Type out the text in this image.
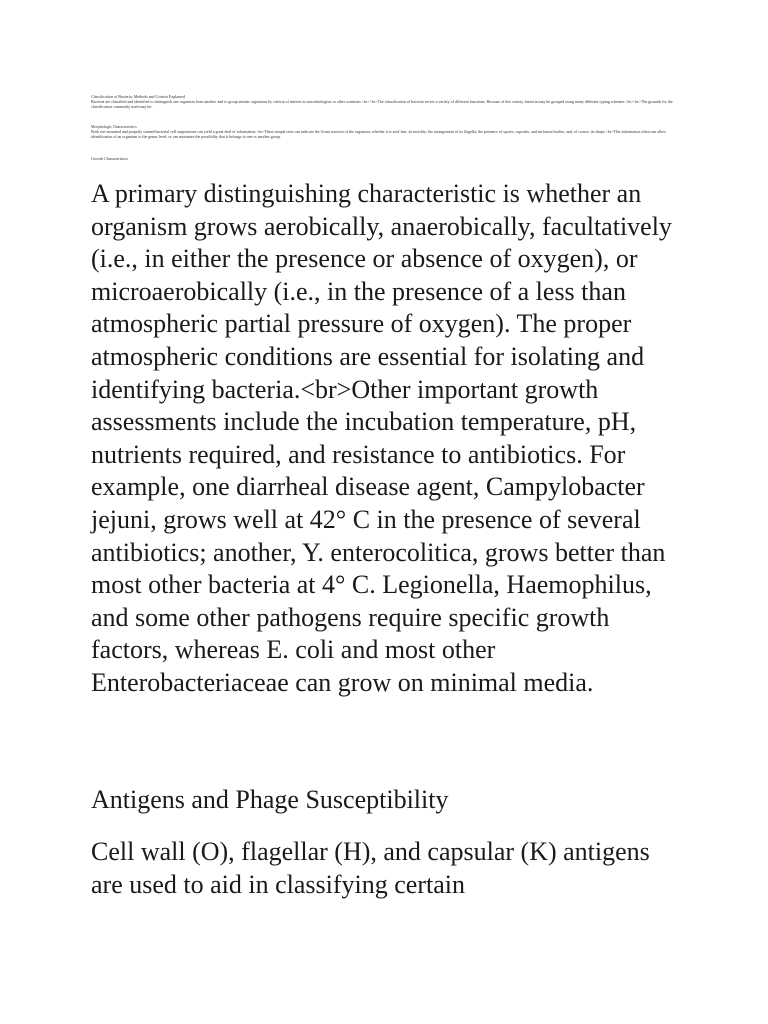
Classification of Bacteria: Methods and Criteria Explained

Bacteria are classified and identified to distinguish one organism from another and to group similar organisms by criteria of interest to microbiologists or other scientists.<br><br>The classification of bacteria serves a variety of different functions. Because of this variety, bacteria may be grouped using many different typing schemes.<br><br>The grounds for the classification commonly used may be:

Morphologic Characteristics

Both wet-mounted and properly stained bacterial cell suspensions can yield a great deal of information.<br>These simple tests can indicate the Gram reaction of the organism; whether it is acid-fast; its motility; the arrangement of its flagella; the presence of spores, capsules, and inclusion bodies; and, of course, its shape.<br>This information often can allow identification of an organism to the genus level, or can minimize the possibility that it belongs to one or another group.

Growth Characteristics

A primary distinguishing characteristic is whether an organism grows aerobically, anaerobically, facultatively (i.e., in either the presence or absence of oxygen), or microaerobically (i.e., in the presence of a less than atmospheric partial pressure of oxygen). The proper atmospheric conditions are essential for isolating and identifying bacteria.<br>Other important growth assessments include the incubation temperature, pH, nutrients required, and resistance to antibiotics. For example, one diarrheal disease agent, Campylobacter jejuni, grows well at 42° C in the presence of several antibiotics; another, Y. enterocolitica, grows better than most other bacteria at 4° C. Legionella, Haemophilus, and some other pathogens require specific growth factors, whereas E. coli and most other Enterobacteriaceae can grow on minimal media.

Antigens and Phage Susceptibility

Cell wall (O), flagellar (H), and capsular (K) antigens are used to aid in classifying certain
